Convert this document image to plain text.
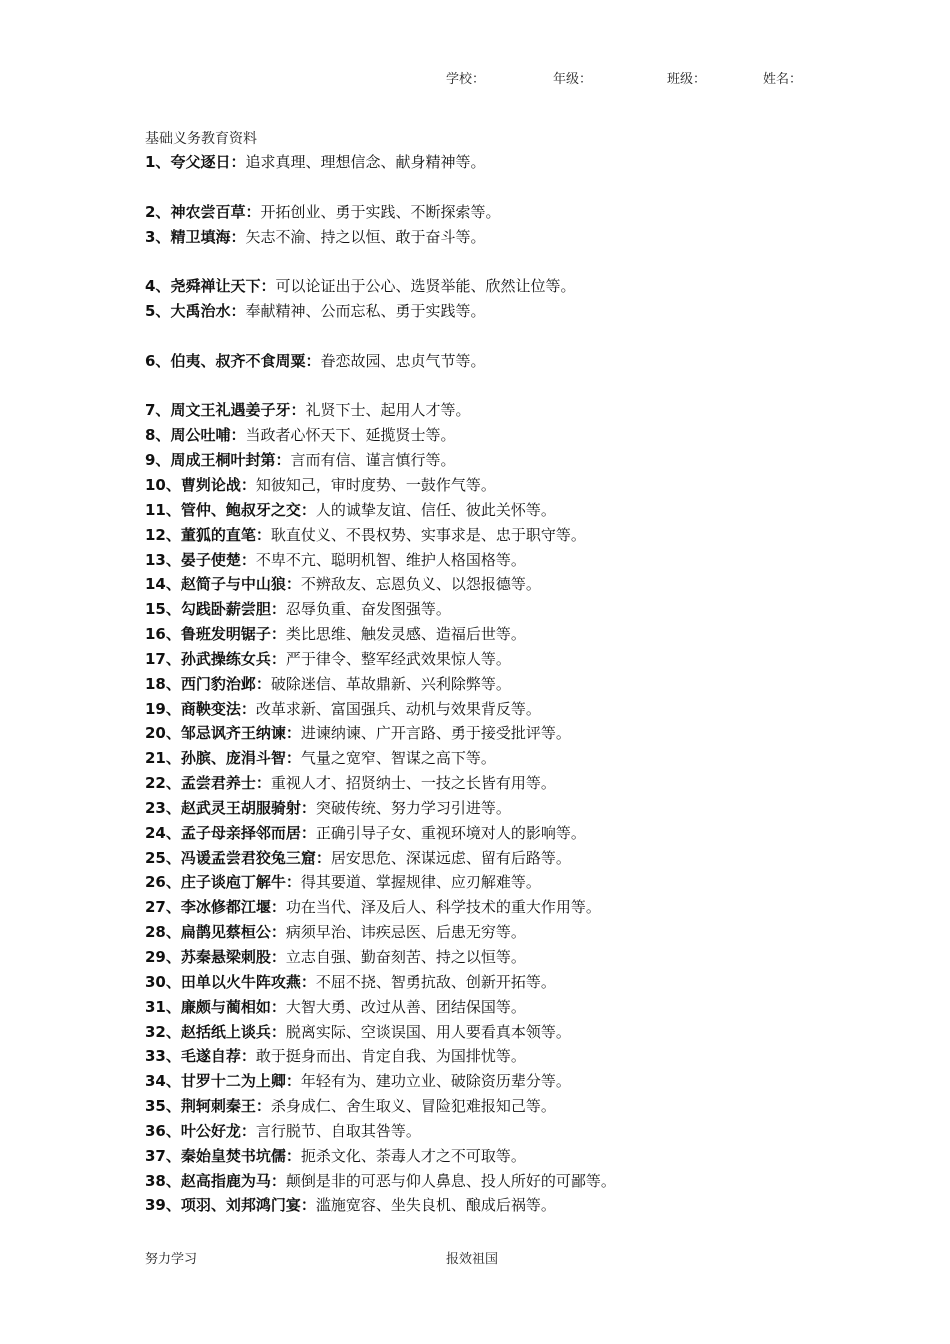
学校：	年级：	班级：	姓名：
基础义务教育资料
1、夸父逐日：追求真理、理想信念、献身精神等。
2、神农尝百草：开拓创业、勇于实践、不断探索等。
3、精卫填海：矢志不渝、持之以恒、敢于奋斗等。
4、尧舜禅让天下：可以论证出于公心、选贤举能、欣然让位等。
5、大禹治水：奉献精神、公而忘私、勇于实践等。
6、伯夷、叔齐不食周粟：眷恋故园、忠贞气节等。
7、周文王礼遇姜子牙：礼贤下士、起用人才等。
8、周公吐哺：当政者心怀天下、延揽贤士等。
9、周成王桐叶封第：言而有信、谨言慎行等。
10、曹刿论战：知彼知己，审时度势、一鼓作气等。
11、管仲、鲍叔牙之交：人的诚挚友谊、信任、彼此关怀等。
12、董狐的直笔：耿直仗义、不畏权势、实事求是、忠于职守等。
13、晏子使楚：不卑不亢、聪明机智、维护人格国格等。
14、赵简子与中山狼：不辨敌友、忘恩负义、以怨报德等。
15、勾践卧薪尝胆：忍辱负重、奋发图强等。
16、鲁班发明锯子：类比思维、触发灵感、造福后世等。
17、孙武操练女兵：严于律令、整军经武效果惊人等。
18、西门豹治邺：破除迷信、革故鼎新、兴利除弊等。
19、商鞅变法：改革求新、富国强兵、动机与效果背反等。
20、邹忌讽齐王纳谏：进谏纳谏、广开言路、勇于接受批评等。
21、孙膑、庞涓斗智：气量之宽窄、智谋之高下等。
22、孟尝君养士：重视人才、招贤纳士、一技之长皆有用等。
23、赵武灵王胡服骑射：突破传统、努力学习引进等。
24、孟子母亲择邻而居：正确引导子女、重视环境对人的影响等。
25、冯谖孟尝君狡兔三窟：居安思危、深谋远虑、留有后路等。
26、庄子谈庖丁解牛：得其要道、掌握规律、应刃解难等。
27、李冰修都江堰：功在当代、泽及后人、科学技术的重大作用等。
28、扁鹊见蔡桓公：病须早治、讳疾忌医、后患无穷等。
29、苏秦悬梁刺股：立志自强、勤奋刻苦、持之以恒等。
30、田单以火牛阵攻燕：不屈不挠、智勇抗敌、创新开拓等。
31、廉颇与蔺相如：大智大勇、改过从善、团结保国等。
32、赵括纸上谈兵：脱离实际、空谈误国、用人要看真本领等。
33、毛遂自荐：敢于挺身而出、肯定自我、为国排忧等。
34、甘罗十二为上卿：年轻有为、建功立业、破除资历辈分等。
35、荆轲刺秦王：杀身成仁、舍生取义、冒险犯难报知己等。
36、叶公好龙：言行脱节、自取其咎等。
37、秦始皇焚书坑儒：扼杀文化、荼毒人才之不可取等。
38、赵高指鹿为马：颠倒是非的可恶与仰人鼻息、投人所好的可鄙等。
39、项羽、刘邦鸿门宴：滥施宽容、坐失良机、酿成后祸等。
努力学习	报效祖国
